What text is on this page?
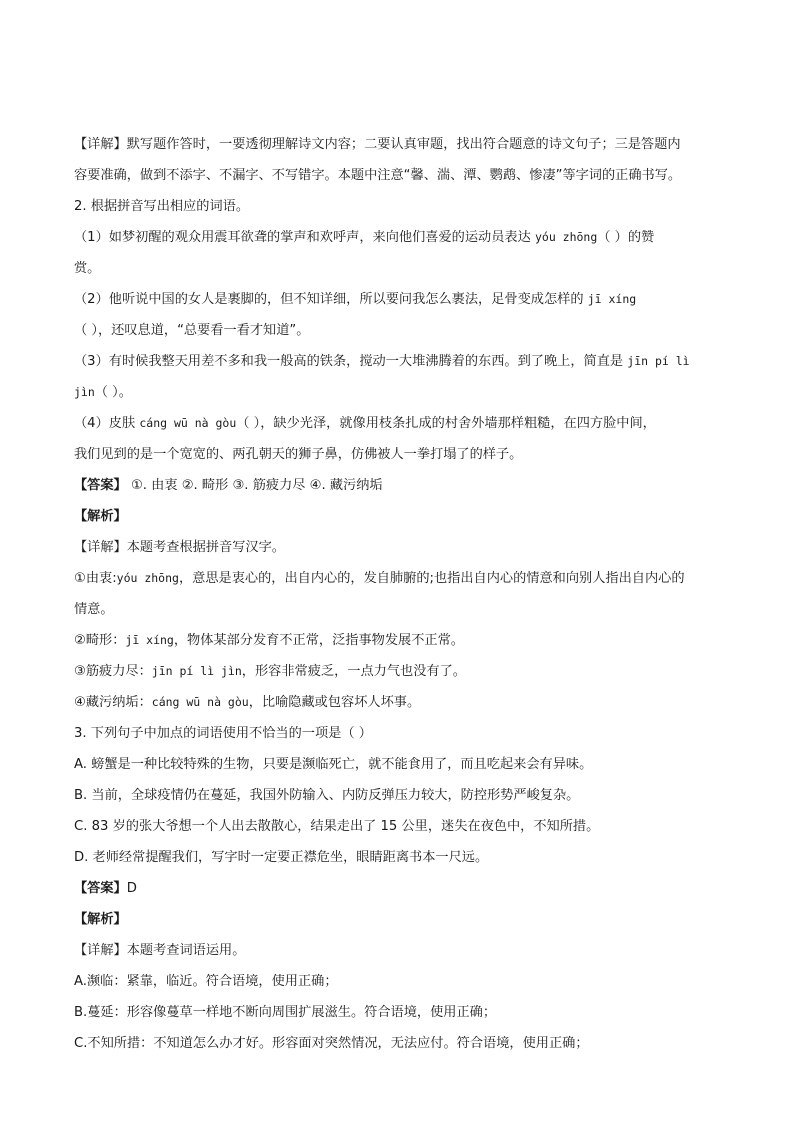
【详解】默写题作答时，一要透彻理解诗文内容；二要认真审题，找出符合题意的诗文句子；三是答题内
容要准确，做到不添字、不漏字、不写错字。本题中注意“馨、湍、潭、鹦鹉、惨凄”等字词的正确书写。
2. 根据拼音写出相应的词语。
（1）如梦初醒的观众用震耳欲聋的掌声和欢呼声，来向他们喜爱的运动员表达 yóu zhōng（ ）的赞
赏。
（2）他听说中国的女人是裹脚的，但不知详细，所以要问我怎么裹法，足骨变成怎样的 jī xíng
（ ），还叹息道，“总要看一看才知道”。
（3）有时候我整天用差不多和我一般高的铁条，搅动一大堆沸腾着的东西。到了晚上，简直是 jīn pí lì
jìn（ ）。
（4）皮肤 cáng wū nà gòu（ ），缺少光泽，就像用枝条扎成的村舍外墙那样粗糙，在四方脸中间，
我们见到的是一个宽宽的、两孔朝天的狮子鼻，仿佛被人一拳打塌了的样子。
【答案】 ①. 由衷 ②. 畸形 ③. 筋疲力尽 ④. 藏污纳垢
【解析】
【详解】本题考查根据拼音写汉字。
①由衷:yóu zhōng，意思是衷心的，出自内心的，发自肺腑的;也指出自内心的情意和向别人指出自内心的
情意。
②畸形：jī xíng，物体某部分发育不正常，泛指事物发展不正常。
③筋疲力尽：jīn pí lì jìn，形容非常疲乏，一点力气也没有了。
④藏污纳垢：cáng wū nà gòu，比喻隐藏或包容坏人坏事。
3. 下列句子中加点的词语使用不恰当的一项是（ ）
A. 螃蟹是一种比较特殊的生物，只要是濒临死亡，就不能食用了，而且吃起来会有异味。
B. 当前，全球疫情仍在蔓延，我国外防输入、内防反弹压力较大，防控形势严峻复杂。
C. 83 岁的张大爷想一个人出去散散心，结果走出了 15 公里，迷失在夜色中，不知所措。
D. 老师经常提醒我们，写字时一定要正襟危坐，眼睛距离书本一尺远。
【答案】D
【解析】
【详解】本题考查词语运用。
A.濒临：紧靠，临近。符合语境，使用正确；
B.蔓延：形容像蔓草一样地不断向周围扩展滋生。符合语境，使用正确；
C.不知所措：不知道怎么办才好。形容面对突然情况，无法应付。符合语境，使用正确；
